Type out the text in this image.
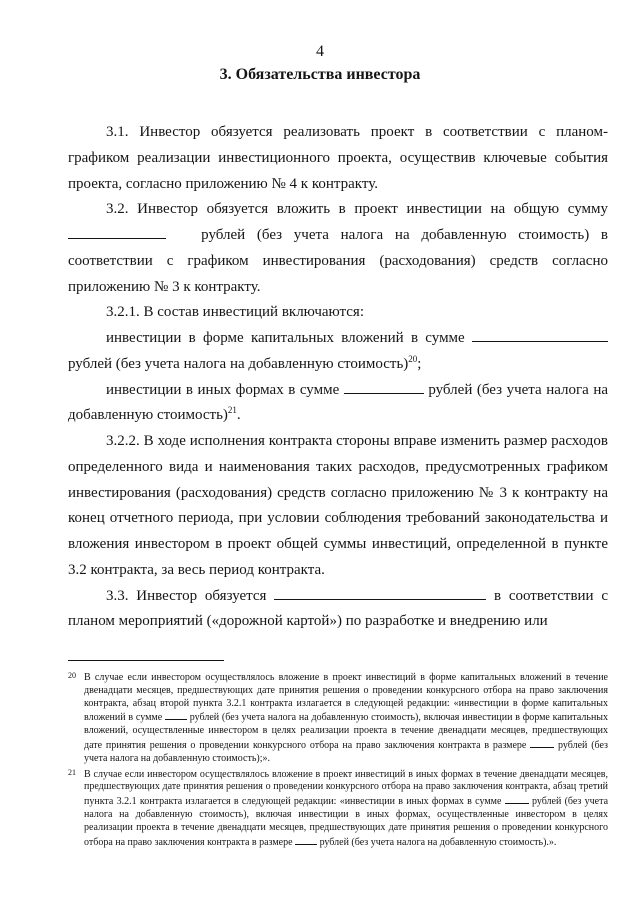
4
3. Обязательства инвестора

3.1. Инвестор обязуется реализовать проект в соответствии с планом-графиком реализации инвестиционного проекта, осуществив ключевые события проекта, согласно приложению № 4 к контракту.

3.2. Инвестор обязуется вложить в проект инвестиции на общую сумму    рублей (без учета налога на добавленную стоимость) в соответствии с графиком инвестирования (расходования) средств согласно приложению № 3 к контракту.

3.2.1. В состав инвестиций включаются:

инвестиции в форме капитальных вложений в сумме  рублей (без учета налога на добавленную стоимость)$^{20}$;

инвестиции в иных формах в сумме	рублей (без учета налога на добавленную стоимость)$^{21}$.

3.2.2. В ходе исполнения контракта стороны вправе изменить размер расходов определенного вида и наименования таких расходов, предусмотренных графиком инвестирования (расходования) средств согласно приложению № 3 к контракту на конец отчетного периода, при условии соблюдения требований законодательства и вложения инвестором в проект общей суммы инвестиций, определенной в пункте 3.2 контракта, за весь период контракта.

3.3. Инвестор обязуется	в соответствии с планом мероприятий («дорожной картой») по разработке и внедрению или

20 В случае если инвестором осуществлялось вложение в проект инвестиций в форме капитальных вложений в течение двенадцати месяцев, предшествующих дате принятия решения о проведении конкурсного отбора на право заключения контракта, абзац второй пункта 3.2.1 контракта излагается в следующей редакции: «инвестиции в форме капитальных вложений в сумме	рублей (без учета налога на добавленную стоимость), включая инвестиции в форме капитальных вложений, осуществленные инвестором в целях реализации проекта в течение двенадцати месяцев, предшествующих дате принятия решения о проведении конкурсного отбора на право заключения контракта в размере	рублей (без учета налога на добавленную стоимость);».

21 В случае если инвестором осуществлялось вложение в проект инвестиций в иных формах в течение двенадцати месяцев, предшествующих дате принятия решения о проведении конкурсного отбора на право заключения контракта, абзац третий пункта 3.2.1 контракта излагается в следующей редакции: «инвестиции в иных формах в сумме	рублей (без учета налога на добавленную стоимость), включая инвестиции в иных формах, осуществленные инвестором в целях реализации проекта в течение двенадцати месяцев, предшествующих дате принятия решения о проведении конкурсного отбора на право заключения контракта в размере	рублей (без учета налога на добавленную стоимость).».
